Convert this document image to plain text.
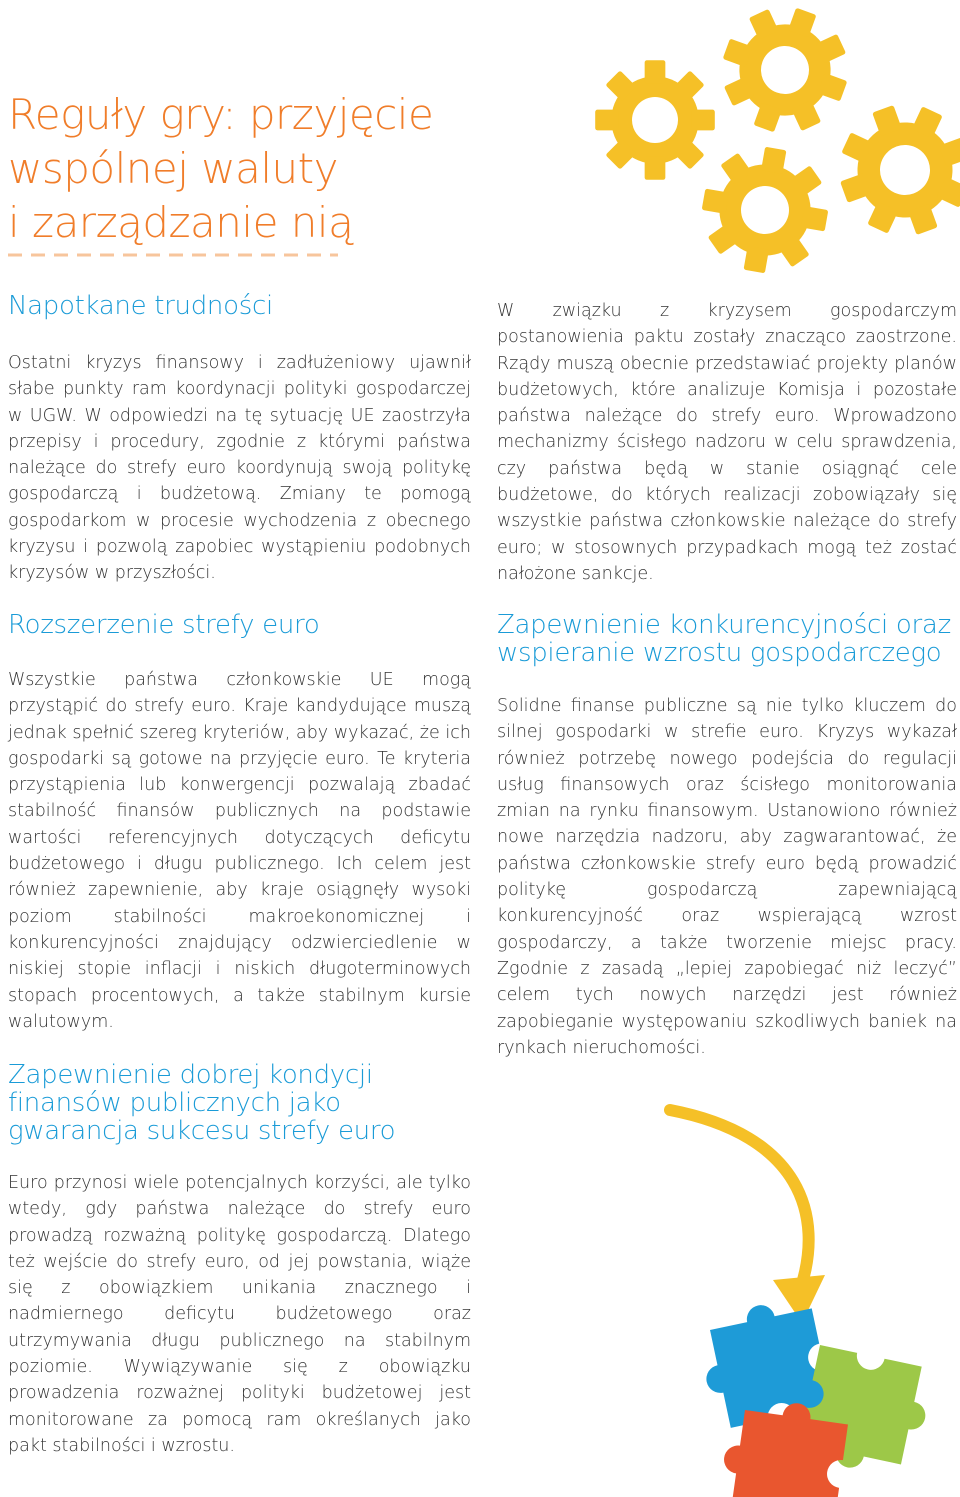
Reguły gry: przyjęcie
wspólnej waluty
i zarządzanie nią
Napotkane trudności

Ostatni kryzys finansowy i zadłużeniowy ujawnił słabe punkty ram koordynacji polityki gospodarczej w UGW. W odpowiedzi na tę sytuację UE zaostrzyła przepisy i procedury, zgodnie z którymi państwa należące do strefy euro koordynują swoją politykę gospodarczą i budżetową. Zmiany te pomogą gospodarkom w procesie wychodzenia z obecnego kryzysu i pozwolą zapobiec wystąpieniu podobnych kryzysów w przyszłości.

Rozszerzenie strefy euro

Wszystkie państwa członkowskie UE mogą przystąpić do strefy euro. Kraje kandydujące muszą jednak spełnić szereg kryteriów, aby wykazać, że ich gospodarki są gotowe na przyjęcie euro. Te kryteria przystąpienia lub konwergencji pozwalają zbadać stabilność finansów publicznych na podstawie wartości referencyjnych dotyczących deficytu budżetowego i długu publicznego. Ich celem jest również zapewnienie, aby kraje osiągnęły wysoki poziom stabilności makroekonomicznej i konkurencyjności znajdujący odzwierciedlenie w niskiej stopie inflacji i niskich długoterminowych stopach procentowych, a także stabilnym kursie walutowym.

Zapewnienie dobrej kondycji
finansów publicznych jako
gwarancja sukcesu strefy euro

Euro przynosi wiele potencjalnych korzyści, ale tylko wtedy, gdy państwa należące do strefy euro prowadzą rozważną politykę gospodarczą. Dlatego też wejście do strefy euro, od jej powstania, wiąże się z obowiązkiem unikania znacznego i nadmiernego deficytu budżetowego oraz utrzymywania długu publicznego na stabilnym poziomie. Wywiązywanie się z obowiązku prowadzenia rozważnej polityki budżetowej jest monitorowane za pomocą ram określanych jako pakt stabilności i wzrostu.

W związku z kryzysem gospodarczym postanowienia paktu zostały znacząco zaostrzone. Rządy muszą obecnie przedstawiać projekty planów budżetowych, które analizuje Komisja i pozostałe państwa należące do strefy euro. Wprowadzono mechanizmy ścisłego nadzoru w celu sprawdzenia, czy państwa będą w stanie osiągnąć cele budżetowe, do których realizacji zobowiązały się wszystkie państwa członkowskie należące do strefy euro; w stosownych przypadkach mogą też zostać nałożone sankcje.

Zapewnienie konkurencyjności oraz
wspieranie wzrostu gospodarczego

Solidne finanse publiczne są nie tylko kluczem do silnej gospodarki w strefie euro. Kryzys wykazał również potrzebę nowego podejścia do regulacji usług finansowych oraz ścisłego monitorowania zmian na rynku finansowym. Ustanowiono również nowe narzędzia nadzoru, aby zagwarantować, że państwa członkowskie strefy euro będą prowadzić politykę gospodarczą zapewniającą konkurencyjność oraz wspierającą wzrost gospodarczy, a także tworzenie miejsc pracy. Zgodnie z zasadą „lepiej zapobiegać niż leczyć” celem tych nowych narzędzi jest również zapobieganie występowaniu szkodliwych baniek na rynkach nieruchomości.
